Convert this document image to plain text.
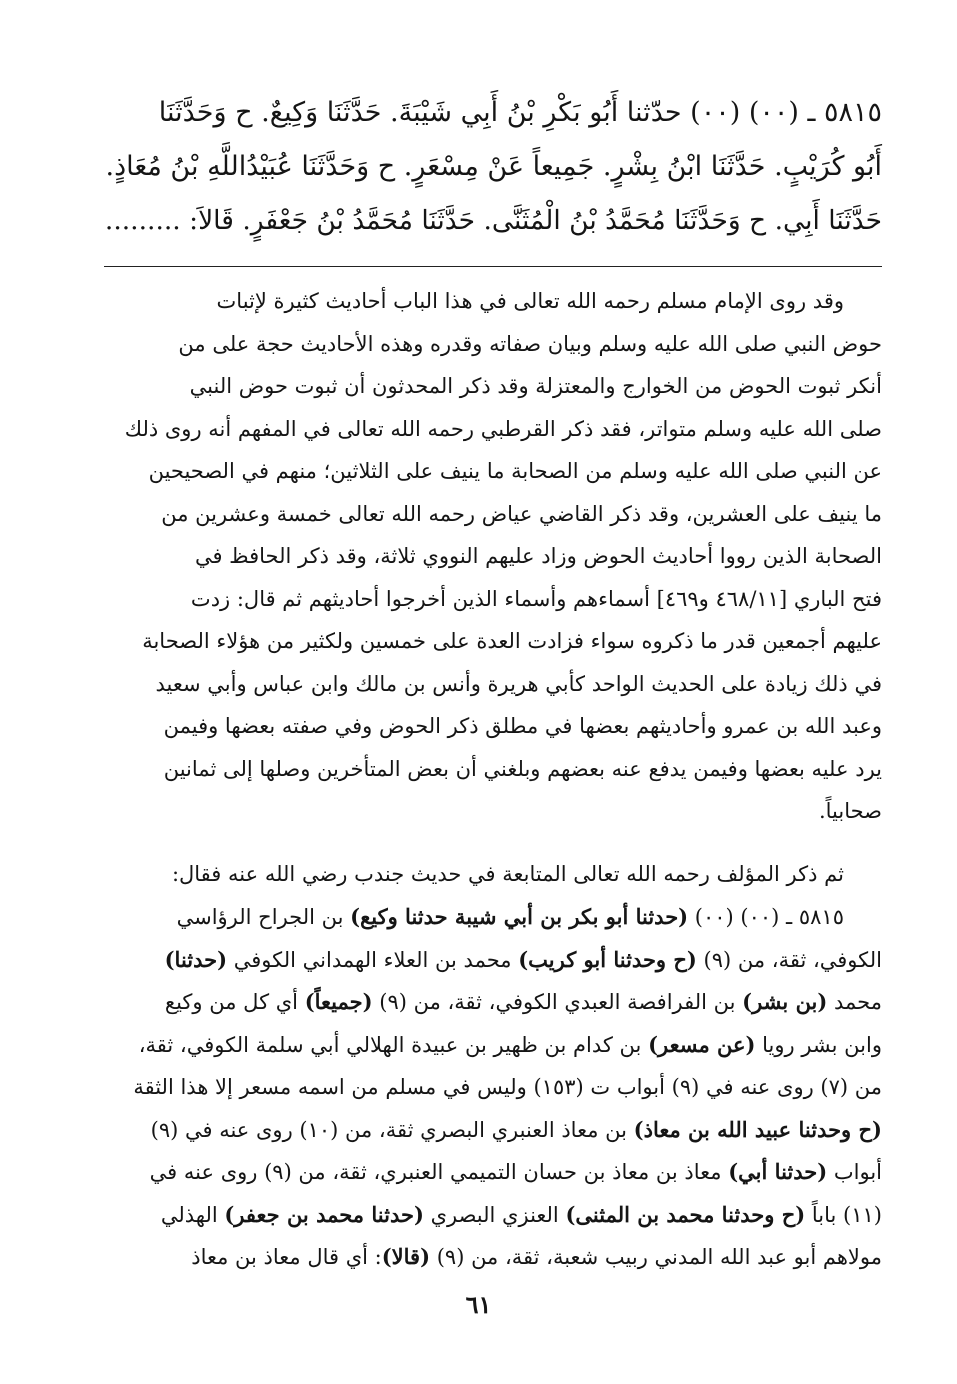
٥٨١٥ ـ (٠٠) (٠٠) حدّثنا أَبُو بَكْرِ بْنُ أَبِي شَيْبَةَ. حَدَّثَنَا وَكِيعٌ. ح وَحَدَّثَنَا
أَبُو كُرَيْبٍ. حَدَّثَنَا ابْنُ بِشْرٍ. جَمِيعاً عَنْ مِسْعَرٍ. ح وَحَدَّثَنَا عُبَيْدُاللَّهِ بْنُ مُعَاذٍ.
حَدَّثَنَا أَبِي. ح وَحَدَّثَنَا مُحَمَّدُ بْنُ الْمُثَنَّى. حَدَّثَنَا مُحَمَّدُ بْنُ جَعْفَرٍ. قَالاَ: .........
وقد روى الإمام مسلم رحمه الله تعالى في هذا الباب أحاديث كثيرة لإثبات
حوض النبي صلى الله عليه وسلم وبيان صفاته وقدره وهذه الأحاديث حجة على من
أنكر ثبوت الحوض من الخوارج والمعتزلة وقد ذكر المحدثون أن ثبوت حوض النبي
صلى الله عليه وسلم متواتر، فقد ذكر القرطبي رحمه الله تعالى في المفهم أنه روى ذلك
عن النبي صلى الله عليه وسلم من الصحابة ما ينيف على الثلاثين؛ منهم في الصحيحين
ما ينيف على العشرين، وقد ذكر القاضي عياض رحمه الله تعالى خمسة وعشرين من
الصحابة الذين رووا أحاديث الحوض وزاد عليهم النووي ثلاثة، وقد ذكر الحافظ في
فتح الباري [٤٦٨/١١ و٤٦٩] أسماءهم وأسماء الذين أخرجوا أحاديثهم ثم قال: زدت
عليهم أجمعين قدر ما ذكروه سواء فزادت العدة على خمسين ولكثير من هؤلاء الصحابة
في ذلك زيادة على الحديث الواحد كأبي هريرة وأنس بن مالك وابن عباس وأبي سعيد
وعبد الله بن عمرو وأحاديثهم بعضها في مطلق ذكر الحوض وفي صفته بعضها وفيمن
يرد عليه بعضها وفيمن يدفع عنه بعضهم وبلغني أن بعض المتأخرين وصلها إلى ثمانين
صحابياً.
ثم ذكر المؤلف رحمه الله تعالى المتابعة في حديث جندب رضي الله عنه فقال:
٥٨١٥ ـ (٠٠) (٠٠) (حدثنا أبو بكر بن أبي شيبة حدثنا وكيع) بن الجراح الرؤاسي
الكوفي، ثقة، من (٩) (ح وحدثنا أبو كريب) محمد بن العلاء الهمداني الكوفي (حدثنا)
محمد (بن بشر) بن الفرافصة العبدي الكوفي، ثقة، من (٩) (جميعاً) أي كل من وكيع
وابن بشر رويا (عن مسعر) بن كدام بن ظهير بن عبيدة الهلالي أبي سلمة الكوفي، ثقة،
من (٧) روى عنه في (٩) أبواب ت (١٥٣) وليس في مسلم من اسمه مسعر إلا هذا الثقة
(ح وحدثنا عبيد الله بن معاذ) بن معاذ العنبري البصري ثقة، من (١٠) روى عنه في (٩)
أبواب (حدثنا أبي) معاذ بن معاذ بن حسان التميمي العنبري، ثقة، من (٩) روى عنه في
(١١) باباً (ح وحدثنا محمد بن المثنى) العنزي البصري (حدثنا محمد بن جعفر) الهذلي
مولاهم أبو عبد الله المدني ربيب شعبة، ثقة، من (٩) (قالا): أي قال معاذ بن معاذ
٦١
